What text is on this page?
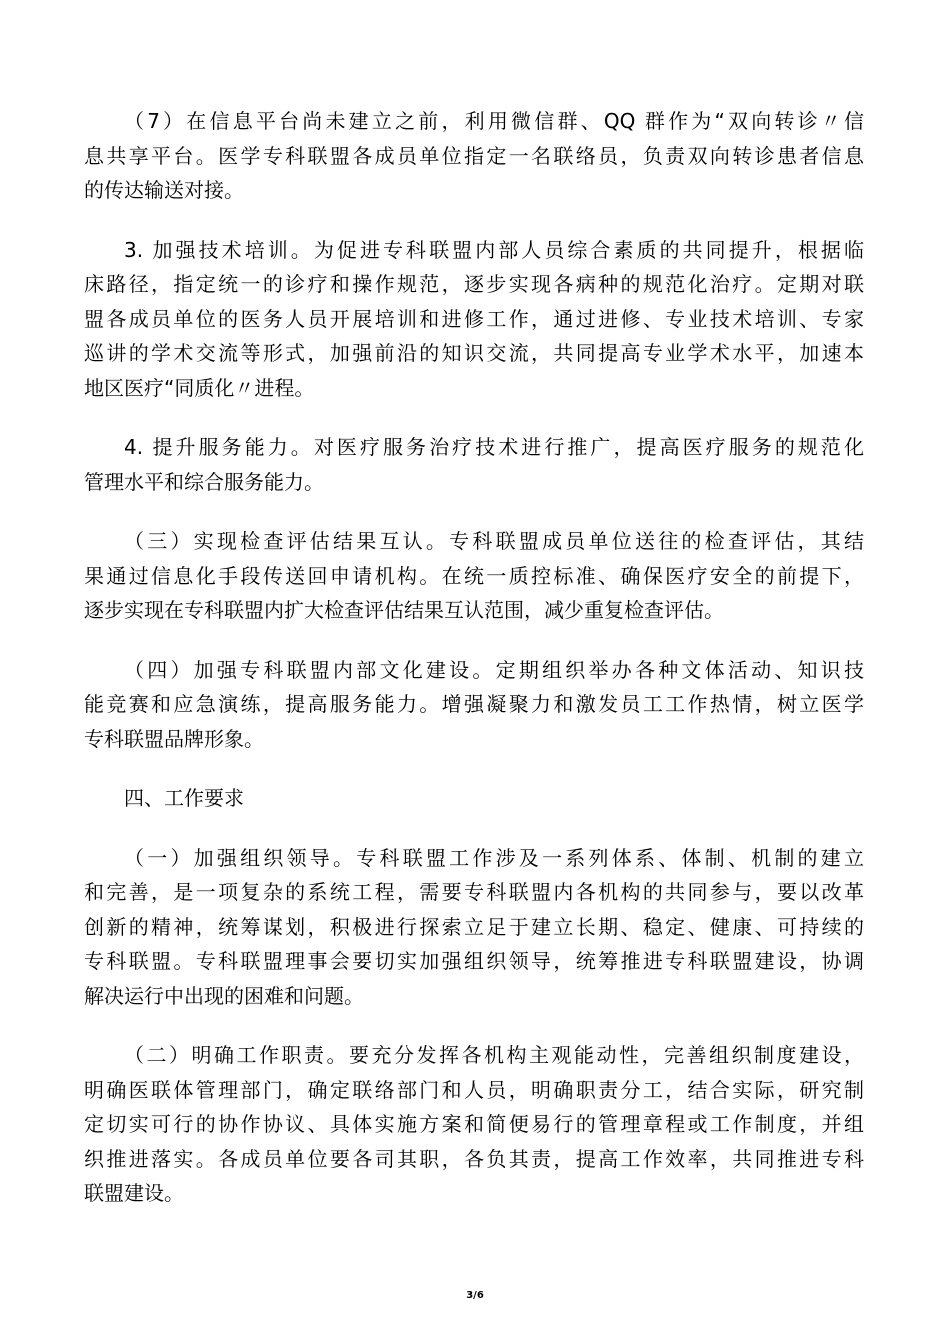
（7）在信息平台尚未建立之前，利用微信群、QQ 群作为“双向转诊〃信
息共享平台。医学专科联盟各成员单位指定一名联络员，负责双向转诊患者信息
的传达输送对接。
3. 加强技术培训。为促进专科联盟内部人员综合素质的共同提升，根据临
床路径，指定统一的诊疗和操作规范，逐步实现各病种的规范化治疗。定期对联
盟各成员单位的医务人员开展培训和进修工作，通过进修、专业技术培训、专家
巡讲的学术交流等形式，加强前沿的知识交流，共同提高专业学术水平，加速本
地区医疗“同质化〃进程。
4. 提升服务能力。对医疗服务治疗技术进行推广，提高医疗服务的规范化
管理水平和综合服务能力。
（三）实现检查评估结果互认。专科联盟成员单位送往的检查评估，其结
果通过信息化手段传送回申请机构。在统一质控标准、确保医疗安全的前提下，
逐步实现在专科联盟内扩大检查评估结果互认范围，减少重复检查评估。
（四）加强专科联盟内部文化建设。定期组织举办各种文体活动、知识技
能竞赛和应急演练，提高服务能力。增强凝聚力和激发员工工作热情，树立医学
专科联盟品牌形象。
四、工作要求
（一）加强组织领导。专科联盟工作涉及一系列体系、体制、机制的建立
和完善，是一项复杂的系统工程，需要专科联盟内各机构的共同参与，要以改革
创新的精神，统筹谋划，积极进行探索立足于建立长期、稳定、健康、可持续的
专科联盟。专科联盟理事会要切实加强组织领导，统筹推进专科联盟建设，协调
解决运行中出现的困难和问题。
（二）明确工作职责。要充分发挥各机构主观能动性，完善组织制度建设，
明确医联体管理部门，确定联络部门和人员，明确职责分工，结合实际，研究制
定切实可行的协作协议、具体实施方案和简便易行的管理章程或工作制度，并组
织推进落实。各成员单位要各司其职，各负其责，提高工作效率，共同推进专科
联盟建设。
3/6
